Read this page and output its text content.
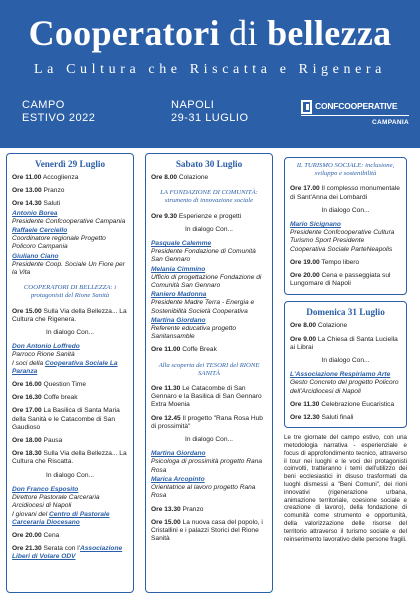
Cooperatori di bellezza
La Cultura che Riscatta e Rigenera
CAMPO
ESTIVO 2022
NAPOLI
29-31 LUGLIO
CONFCOOPERATIVE
CAMPANIA
Venerdì 29 Luglio
Ore 11.00 Accoglienza
Ore 13.00 Pranzo
Ore 14.30 Saluti
Antonio Borea
Presidente Confcooperative Campania
Raffaele Cerciello
Coordinatore regionale Progetto Policoro Campania
Giuliano Ciano
Presidente Coop. Sociale Un Fiore per la Vita
COOPERATORI DI BELLEZZA: i protagonisti del Rione Sanità
Ore 15.00 Sulla Via della Bellezza... La Cultura che Rigenera.
In dialogo Con...
Don Antonio Loffredo
Parroco Rione Sanità
I soci della Cooperativa Sociale La Paranza
Ore 16.00 Question Time
Ore 16.30 Coffe break
Ore 17.00 La Basilica di Santa Maria della Sanità e le Catacombe di San Gaudioso
Ore 18.00 Pausa
Ore 18.30 Sulla Via della Bellezza... La Cultura che Riscatta.
In dialogo Con...
Don Franco Esposito
Direttore Pastorale Carceraria Arcidiocesi di Napoli
I giovani del Centro di Pastorale Carceraria Diocesano
Ore 20.00 Cena
Ore 21.30 Serata con l'Associazione Liberi di Volare ODV
Sabato 30 Luglio
Ore 8.00 Colazione
LA FONDAZIONE DI COMUNITÀ: strumento di innovazione sociale
Ore 9.30 Esperienze e progetti
In dialogo Con...
Pasquale Calemme
Presidente Fondazione di Comunità San Gennaro
Melania Cimmino
Ufficio di progettazione Fondazione di Comunità San Gennaro
Raniero Madonna
Presidente Madre Terra - Energia e Sostenibilità Società Cooperativa
Martina Giordano
Referente educativa progetto Sanitansamble
Ore 11.00 Coffe Break
Alla scoperta dei TESORI del RIONE SANITÀ
Ore 11.30 Le Catacombe di San Gennaro e la Basilica di San Gennaro Extra Moenia
Ore 12.45 Il progetto "Rana Rosa Hub di prossimità"
In dialogo Con...
Martina Giordano
Psicologa di prossimità progetto Rana Rosa
Marica Arcopinto
Orientatrice al lavoro progetto Rana Rosa
Ore 13.30 Pranzo
Ore 15.00 La nuova casa del popolo, i Cristallini e i palazzi Storici del Rione Sanità
IL TURISMO SOCIALE: inclusione, sviluppo e sostenibilità
Ore 17.00 Il complesso monumentale di Sant'Anna dei Lombardi
In dialogo Con...
Mario Sicignano
Presidente Confcooperative Cultura Turismo Sport Presidente Cooperativa Sociale ParteNeapolis
Ore 19.00 Tempo libero
Ore 20.00 Cena e passeggiata sul Lungomare di Napoli
Domenica 31 Luglio
Ore 8.00 Colazione
Ore 9.00 La Chiesa di Santa Luciella ai Librai
In dialogo Con...
L'Associazione Respiriamo Arte
Gesto Concreto del progetto Policoro dell'Arcidiocesi di Napoli
Ore 11.30 Celebrazione Eucaristica
Ore 12.30 Saluti finali
Le tre giornate del campo estivo, con una metodologia narrativa - esperienziale e focus di approfondimento tecnico, attraverso il tour nei luoghi e le voci dei protagonisti coinvolti, tratteranno i temi dell'utilizzo dei beni ecclesiastici in disuso trasformati da luoghi dismessi a "Beni Comuni", dei rioni innovativi (rigenerazione urbana, animazione territoriale, coesione sociale e creazione di lavoro), della fondazione di comunità come strumento e opportunità, della valorizzazione delle risorse del territorio attraverso il turismo sociale e del reinserimento lavorativo delle persone fragili.
